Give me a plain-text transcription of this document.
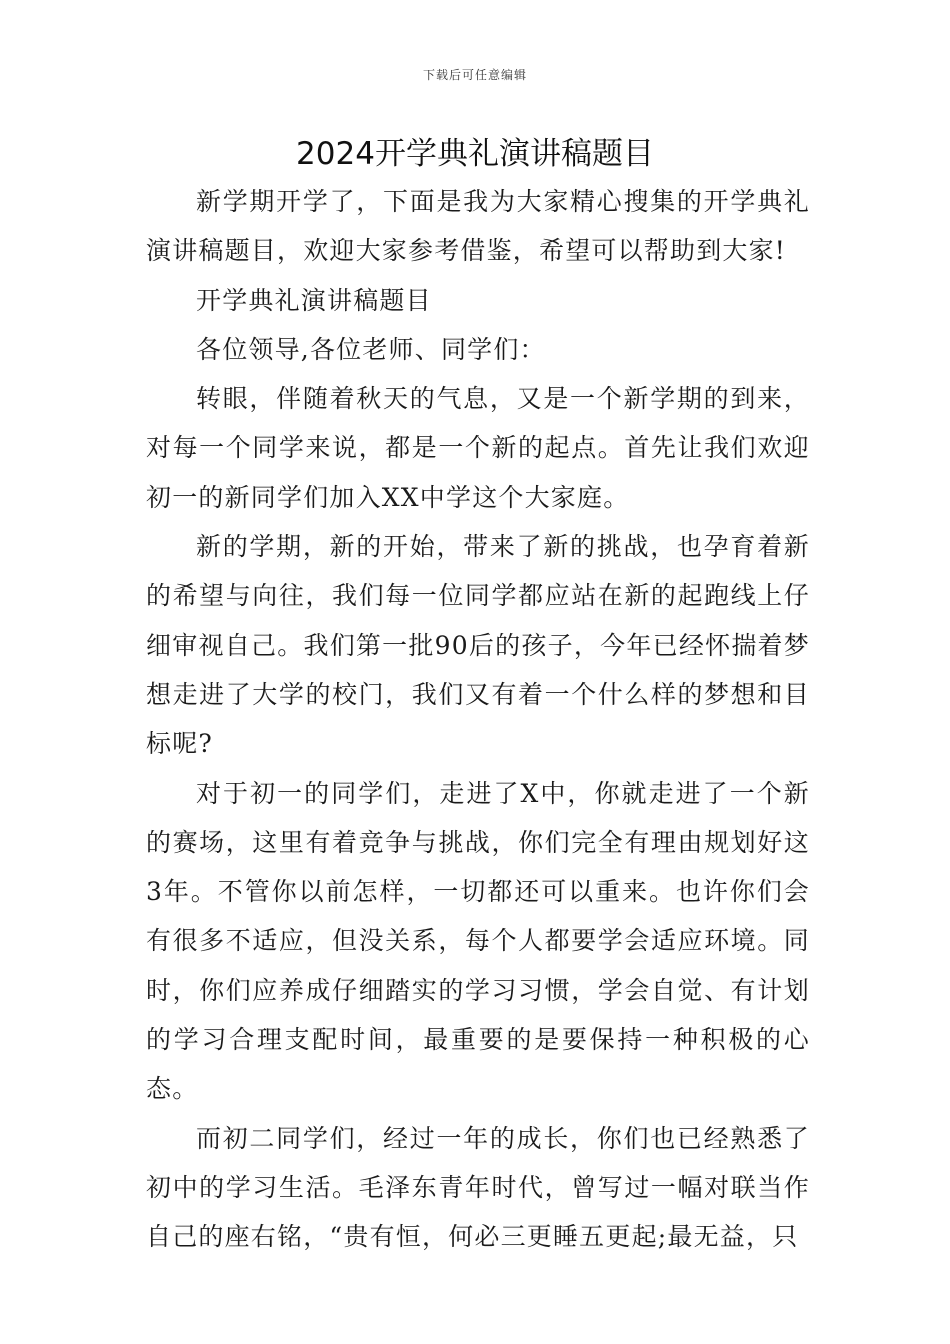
下载后可任意编辑
2024开学典礼演讲稿题目

新学期开学了，下面是我为大家精心搜集的开学典礼演讲稿题目，欢迎大家参考借鉴，希望可以帮助到大家!

开学典礼演讲稿题目

各位领导,各位老师、同学们：

转眼，伴随着秋天的气息，又是一个新学期的到来，对每一个同学来说，都是一个新的起点。首先让我们欢迎初一的新同学们加入XX中学这个大家庭。

新的学期，新的开始，带来了新的挑战，也孕育着新的希望与向往，我们每一位同学都应站在新的起跑线上仔细审视自己。我们第一批90后的孩子，今年已经怀揣着梦想走进了大学的校门，我们又有着一个什么样的梦想和目标呢?

对于初一的同学们，走进了X中，你就走进了一个新的赛场，这里有着竞争与挑战，你们完全有理由规划好这3年。不管你以前怎样，一切都还可以重来。也许你们会有很多不适应，但没关系，每个人都要学会适应环境。同时，你们应养成仔细踏实的学习习惯，学会自觉、有计划的学习合理支配时间，最重要的是要保持一种积极的心态。

而初二同学们，经过一年的成长，你们也已经熟悉了初中的学习生活。毛泽东青年时代，曾写过一幅对联当作自己的座右铭，“贵有恒，何必三更睡五更起;最无益，只
